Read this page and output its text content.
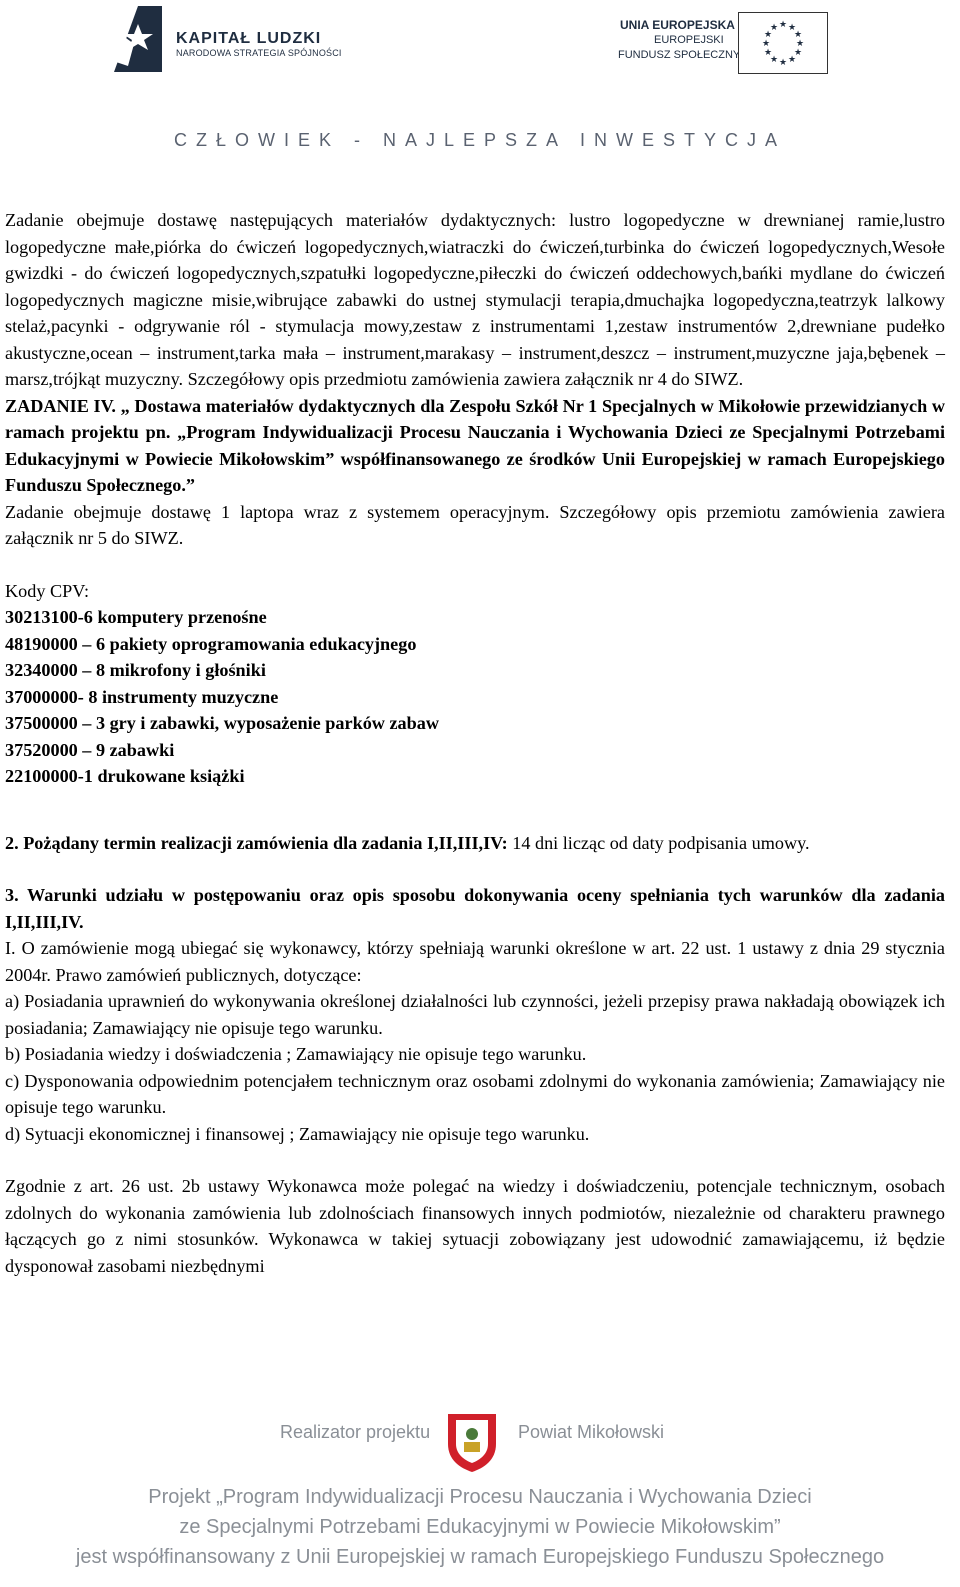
KAPITAŁ LUDZKI
NARODOWA STRATEGIA SPÓJNOŚCI
UNIA EUROPEJSKA
EUROPEJSKI
FUNDUSZ SPOŁECZNY
★ ★
★
★
★
★
★
★
★
★
★
★
CZŁOWIEK - NAJLEPSZA INWESTYCJA

Zadanie obejmuje dostawę następujących materiałów dydaktycznych: lustro logopedyczne w drewnianej ramie,lustro logopedyczne małe,piórka do ćwiczeń logopedycznych,wiatraczki do ćwiczeń,turbinka do ćwiczeń logopedycznych,Wesołe gwizdki - do ćwiczeń logopedycznych,szpatułki logopedyczne,piłeczki do ćwiczeń oddechowych,bańki mydlane do ćwiczeń logopedycznych magiczne misie,wibrujące zabawki do ustnej stymulacji terapia,dmuchajka logopedyczna,teatrzyk lalkowy stelaż,pacynki - odgrywanie ról - stymulacja mowy,zestaw z instrumentami 1,zestaw instrumentów 2,drewniane pudełko akustyczne,ocean – instrument,tarka mała – instrument,marakasy – instrument,deszcz – instrument,muzyczne jaja,bębenek – marsz,trójkąt muzyczny. Szczegółowy opis przedmiotu zamówienia zawiera załącznik nr 4 do SIWZ.

ZADANIE IV. „ Dostawa materiałów dydaktycznych dla Zespołu Szkół Nr 1 Specjalnych w Mikołowie przewidzianych w ramach projektu pn. „Program Indywidualizacji Procesu Nauczania i Wychowania Dzieci ze Specjalnymi Potrzebami Edukacyjnymi w Powiecie Mikołowskim” współfinansowanego ze środków Unii Europejskiej w ramach Europejskiego Funduszu Społecznego.”

Zadanie obejmuje dostawę 1 laptopa wraz z systemem operacyjnym. Szczegółowy opis przemiotu zamówienia zawiera załącznik nr 5 do SIWZ.

Kody CPV:

30213100-6 komputery przenośne

48190000 – 6 pakiety oprogramowania edukacyjnego

32340000 – 8 mikrofony i głośniki

37000000- 8 instrumenty muzyczne

37500000 – 3 gry i zabawki, wyposażenie parków zabaw

37520000 – 9 zabawki

22100000-1 drukowane książki

2. Pożądany termin realizacji zamówienia dla zadania I,II,III,IV: 14 dni licząc od daty podpisania umowy.

3. Warunki udziału w postępowaniu oraz opis sposobu dokonywania oceny spełniania tych warunków dla zadania I,II,III,IV.

I. O zamówienie mogą ubiegać się wykonawcy, którzy spełniają warunki określone w art. 22 ust. 1 ustawy z dnia 29 stycznia 2004r. Prawo zamówień publicznych, dotyczące:

a) Posiadania uprawnień do wykonywania określonej działalności lub czynności, jeżeli przepisy prawa nakładają obowiązek ich posiadania; Zamawiający nie opisuje tego warunku.

b) Posiadania wiedzy i doświadczenia ; Zamawiający nie opisuje tego warunku.

c) Dysponowania odpowiednim potencjałem technicznym oraz osobami zdolnymi do wykonania zamówienia; Zamawiający nie opisuje tego warunku.

d) Sytuacji ekonomicznej i finansowej ; Zamawiający nie opisuje tego warunku.

Zgodnie z art. 26 ust. 2b ustawy Wykonawca może polegać na wiedzy i doświadczeniu, potencjale technicznym, osobach zdolnych do wykonania zamówienia lub zdolnościach finansowych innych podmiotów, niezależnie od charakteru prawnego łączących go z nimi stosunków. Wykonawca w takiej sytuacji zobowiązany jest udowodnić zamawiającemu, iż będzie dysponował zasobami niezbędnymi

Realizator projektu	Powiat Mikołowski
Projekt „Program Indywidualizacji Procesu Nauczania i Wychowania Dzieci
ze Specjalnymi Potrzebami Edukacyjnymi w Powiecie Mikołowskim”
jest współfinansowany z Unii Europejskiej w ramach Europejskiego Funduszu Społecznego
